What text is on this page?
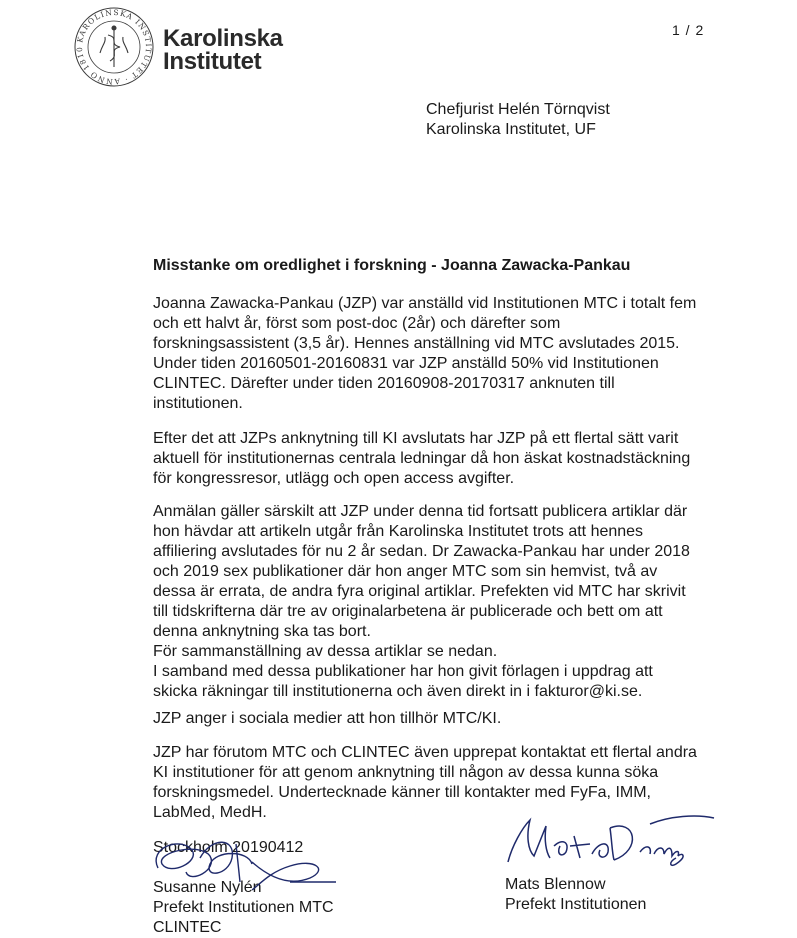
KAROLINSKA INSTITUTET · ANNO 1810	Karolinska
Institutet
1 / 2
Chefjurist Helén Törnqvist
Karolinska Institutet, UF
Misstanke om oredlighet i forskning - Joanna Zawacka-Pankau

Joanna Zawacka-Pankau (JZP) var anställd vid Institutionen MTC i totalt fem

och ett halvt år, först som post-doc (2år) och därefter som

forskningsassistent (3,5 år). Hennes anställning vid MTC avslutades 2015.

Under tiden 20160501-20160831 var JZP anställd 50% vid Institutionen

CLINTEC. Därefter under tiden 20160908-20170317 anknuten till

institutionen.

Efter det att JZPs anknytning till KI avslutats har JZP på ett flertal sätt varit

aktuell för institutionernas centrala ledningar då hon äskat kostnadstäckning

för kongressresor, utlägg och open access avgifter.

Anmälan gäller särskilt att JZP under denna tid fortsatt publicera artiklar där

hon hävdar att artikeln utgår från Karolinska Institutet trots att hennes

affiliering avslutades för nu 2 år sedan. Dr Zawacka-Pankau har under 2018

och 2019 sex publikationer där hon anger MTC som sin hemvist, två av

dessa är errata, de andra fyra original artiklar. Prefekten vid MTC har skrivit

till tidskrifterna där tre av originalarbetena är publicerade och bett om att

denna anknytning ska tas bort.

För sammanställning av dessa artiklar se nedan.

I samband med dessa publikationer har hon givit förlagen i uppdrag att

skicka räkningar till institutionerna och även direkt in i fakturor@ki.se.

JZP anger i sociala medier att hon tillhör MTC/KI.

JZP har förutom MTC och CLINTEC även upprepat kontaktat ett flertal andra

KI institutioner för att genom anknytning till någon av dessa kunna söka

forskningsmedel. Undertecknade känner till kontakter med FyFa, IMM,

LabMed, MedH.

Stockholm 20190412
Susanne Nylén
Prefekt Institutionen MTC
CLINTEC
Mats Blennow
Prefekt Institutionen
